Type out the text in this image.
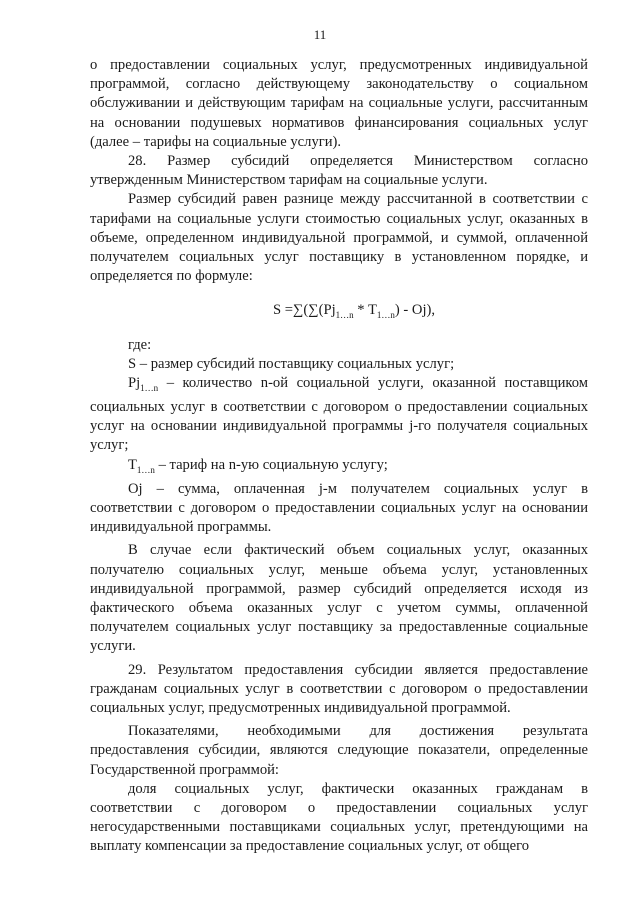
11

о предоставлении социальных услуг, предусмотренных индивидуальной программой, согласно действующему законодательству о социальном обслуживании и действующим тарифам на социальные услуги, рассчитанным на основании подушевых нормативов финансирования социальных услуг (далее – тарифы на социальные услуги).

28. Размер субсидий определяется Министерством согласно утвержденным Министерством тарифам на социальные услуги.

Размер субсидий равен разнице между рассчитанной в соответствии с тарифами на социальные услуги стоимостью социальных услуг, оказанных в объеме, определенном индивидуальной программой, и суммой, оплаченной получателем социальных услуг поставщику в установленном порядке, и определяется по формуле:

$S =\sum(\sum(Pj_{1\dots n} * T_{1\dots n}) - Oj)$,

где:

S – размер субсидий поставщику социальных услуг;

$Pj_{1\dots n}$ – количество n-ой социальной услуги, оказанной поставщиком социальных услуг в соответствии с договором о предоставлении социальных услуг на основании индивидуальной программы j-го получателя социальных услуг;

$T_{1\dots n}$ – тариф на n-ую социальную услугу;

Oj – сумма, оплаченная j-м получателем социальных услуг в соответствии с договором о предоставлении социальных услуг на основании индивидуальной программы.

В случае если фактический объем социальных услуг, оказанных получателю социальных услуг, меньше объема услуг, установленных индивидуальной программой, размер субсидий определяется исходя из фактического объема оказанных услуг с учетом суммы, оплаченной получателем социальных услуг поставщику за предоставленные социальные услуги.

29. Результатом предоставления субсидии является предоставление гражданам социальных услуг в соответствии с договором о предоставлении социальных услуг, предусмотренных индивидуальной программой.

Показателями, необходимыми для достижения результата предоставления субсидии, являются следующие показатели, определенные Государственной программой:

доля социальных услуг, фактически оказанных гражданам в соответствии с договором о предоставлении социальных услуг негосударственными поставщиками социальных услуг, претендующими на выплату компенсации за предоставление социальных услуг, от общего
